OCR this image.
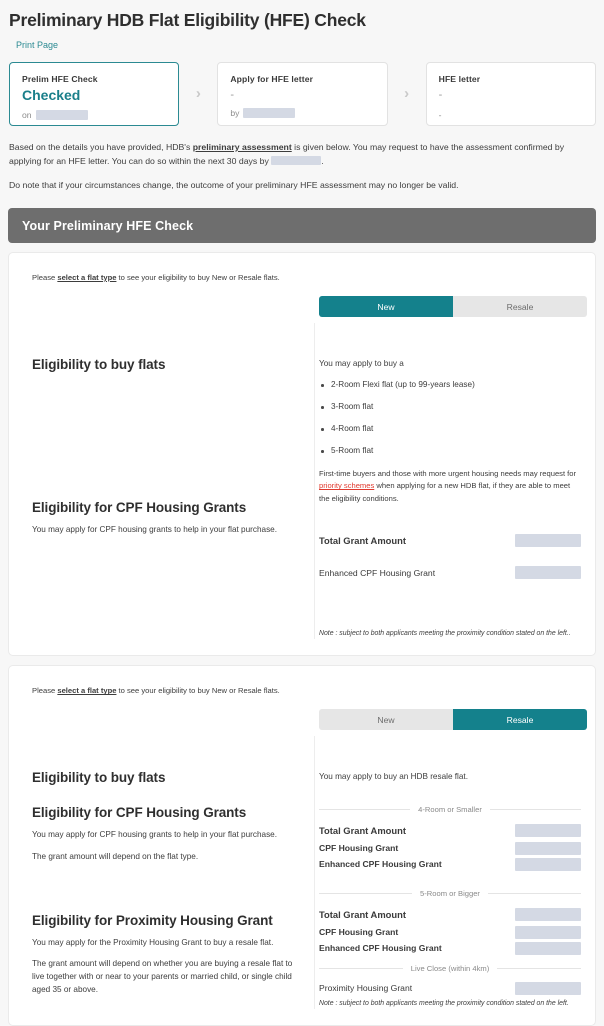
Preliminary HDB Flat Eligibility (HFE) Check
Print Page
Prelim HFE Check
Checked
on
›
Apply for HFE letter
-
by
›
HFE letter
-
-

Based on the details you have provided, HDB's preliminary assessment is given below. You may request to have the assessment confirmed by applying for an HFE letter. You can do so within the next 30 days by	.

Do note that if your circumstances change, the outcome of your preliminary HFE assessment may no longer be valid.

Your Preliminary HFE Check
Please select a flat type to see your eligibility to buy New or Resale flats.
New	Resale
Eligibility to buy flats
Eligibility for CPF Housing Grants

You may apply for CPF housing grants to help in your flat purchase.

You may apply to buy a
2-Room Flexi flat (up to 99-years lease)
3-Room flat
4-Room flat
5-Room flat

First-time buyers and those with more urgent housing needs may request for priority schemes when applying for a new HDB flat, if they are able to meet the eligibility conditions.

Total Grant Amount
Enhanced CPF Housing Grant
Note : subject to both applicants meeting the proximity condition stated on the left..
Please select a flat type to see your eligibility to buy New or Resale flats.
New	Resale
Eligibility to buy flats
Eligibility for CPF Housing Grants

You may apply for CPF housing grants to help in your flat purchase.

The grant amount will depend on the flat type.

Eligibility for Proximity Housing Grant

You may apply for the Proximity Housing Grant to buy a resale flat.

The grant amount will depend on whether you are buying a resale flat to live together with or near to your parents or married child, or single child aged 35 or above.

You may apply to buy an HDB resale flat.
4-Room or Smaller
Total Grant Amount
CPF Housing Grant
Enhanced CPF Housing Grant
5-Room or Bigger
Total Grant Amount
CPF Housing Grant
Enhanced CPF Housing Grant
Live Close (within 4km)
Proximity Housing Grant
Note : subject to both applicants meeting the proximity condition stated on the left.
